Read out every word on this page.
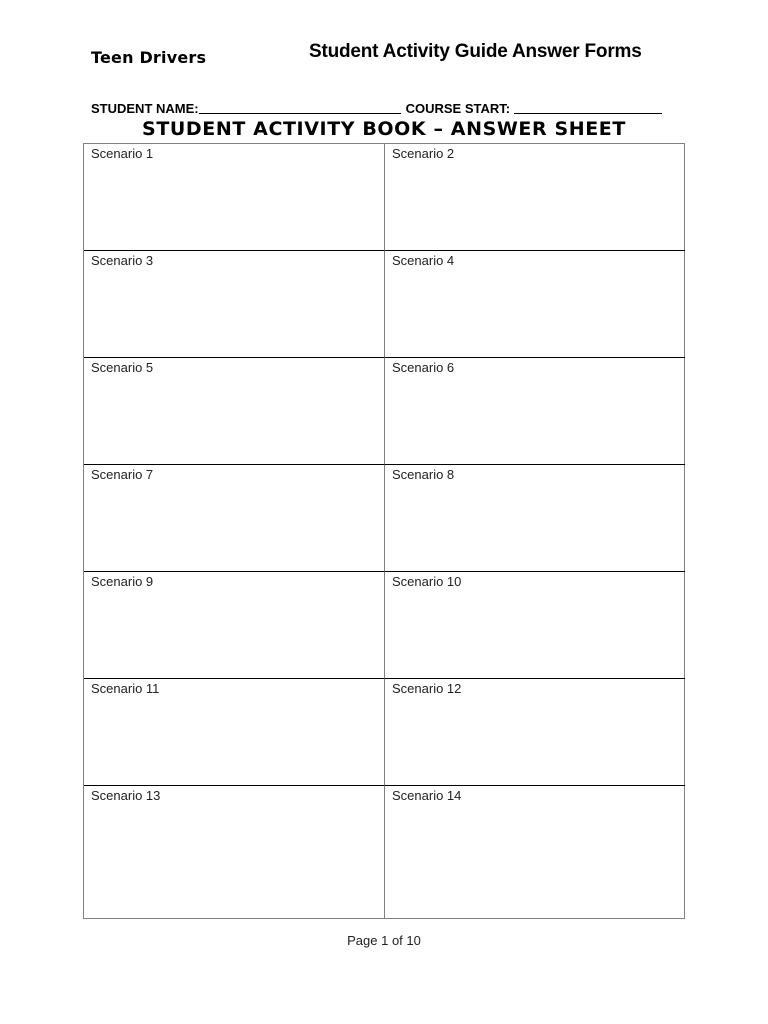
Teen Drivers	Student Activity Guide Answer Forms
STUDENT NAME:	COURSE START:
STUDENT ACTIVITY BOOK – ANSWER SHEET
Scenario 1	Scenario 2
Scenario 3	Scenario 4
Scenario 5	Scenario 6
Scenario 7	Scenario 8
Scenario 9	Scenario 10
Scenario 11	Scenario 12
Scenario 13	Scenario 14
Page 1 of 10
